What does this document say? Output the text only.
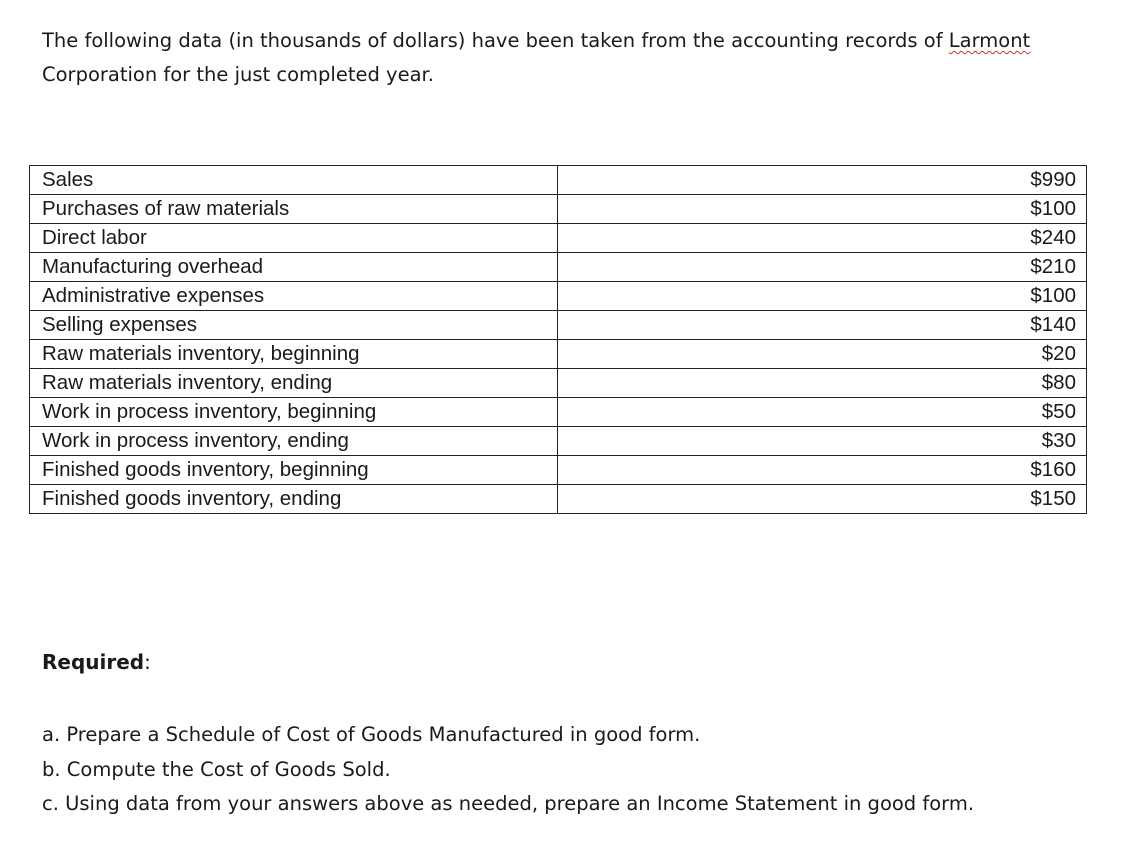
The following data (in thousands of dollars) have been taken from the accounting records of Larmont
Corporation for the just completed year.

Sales	$990
Purchases of raw materials	$100
Direct labor	$240
Manufacturing overhead	$210
Administrative expenses	$100
Selling expenses	$140
Raw materials inventory, beginning	$20
Raw materials inventory, ending	$80
Work in process inventory, beginning	$50
Work in process inventory, ending	$30
Finished goods inventory, beginning	$160
Finished goods inventory, ending	$150

Required:

a. Prepare a Schedule of Cost of Goods Manufactured in good form.
b. Compute the Cost of Goods Sold.
c. Using data from your answers above as needed, prepare an Income Statement in good form.
